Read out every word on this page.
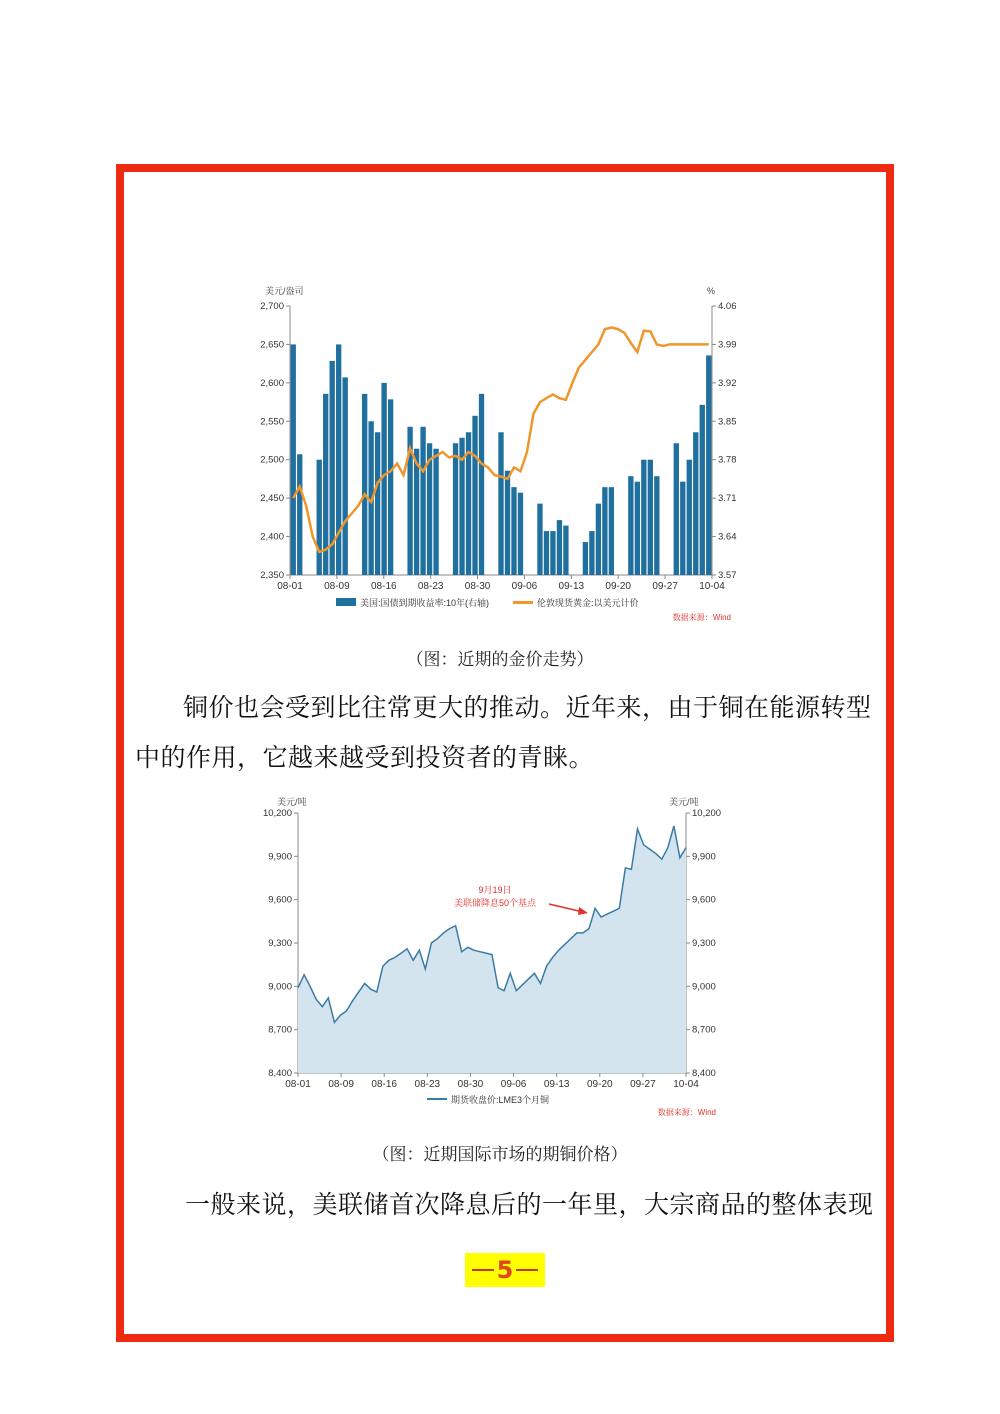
2,350	3.57
2,400	3.64
2,450	3.71
2,500	3.78
2,550	3.85
2,600	3.92
2,650	3.99
2,700	4.06
08-01 08-09 08-16 08-23 08-30 09-06 09-13 09-20 09-27 10-04
美元/盎司	%
美国:国债到期收益率:10年(右轴)	伦敦现货黄金:以美元计价
数据来源：Wind
（图：近期的金价走势）
铜价也会受到比往常更大的推动。近年来，由于铜在能源转型
中的作用，它越来越受到投资者的青睐。
8,400	8,400
8,700	8,700
9,000	9,000
9,300	9,300
9,600	9,600
9,900	9,900
10,200	10,200
08-01 08-09 08-16 08-23 08-30 09-06 09-13 09-20 09-27 10-04
美元/吨	美元/吨
9月19日
美联储降息50个基点
期货收盘价:LME3个月铜
数据来源：Wind
（图：近期国际市场的期铜价格）
一般来说，美联储首次降息后的一年里，大宗商品的整体表现
5
